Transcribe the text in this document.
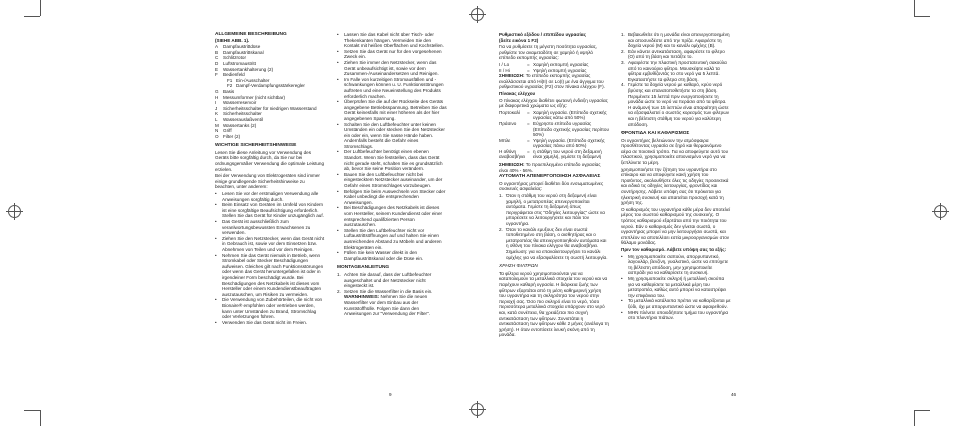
ALLGEMEINE BESCHREIBUNG
(SIEHE ABB. 1).
A	Dampfaustrittdüse
B	Dampfaustrittskanal
C	Schlitzrotor
D	Luftstromaustritt
E	Wassertankhalterung (2)
F	Bedienfeld
F1 Ein-/Ausschalter
F2 Dampf-Verdampfungsstärkeregler
G Basis
H	Messumformer (nicht sichtbar)
I	Wasserreservoir
J	Sicherheitsschalter für niedrigen Wasserstand
K	Sicherheitsschalter
L	Wasserauslaßventil
M Wassertanks (2)
N	Griff
O Filter (2)
WICHTIGE SICHERHEITSHINWEISE

Lesen Sie diese Anleitung vor Verwendung des Geräts bitte sorgfältig durch, da Sie nur bei ordnungsgemäßer Verwendung die optimale Leistung erzielen.

Bei der Verwendung von Elektrogeräten sind immer einige grundlegende Sicherheitshinweise zu beachten, unter anderem:

•	Lesen Sie vor der erstmaligen Verwendung alle Anweisungen sorgfältig durch.
•	Beim Einsatz von Geräten im Umfeld von Kindern ist eine sorgfältige Beaufsichtigung erforderlich. Stellen Sie das Gerät für Kinder unzugänglich auf.
•	Das Gerät ist ausschließlich zum veranlwortungsbewussten Erwachsenen zu verwenden.
•	Ziehen Sie den Netzstecker, wenn das Gerät nicht in Gebrauch ist, sowie vor dem Einsetzen bzw. Abnehmen von Teilen und vor dem Reinigen.
•	Nehmen Sie das Gerät niemals in Betrieb, wenn Stromkabel oder Stecker Beschädigungen aufweisen. Gleiches gilt nach Funktionsstörungen oder wenn das Gerät heruntergefallen ist oder in irgendeiner Form beschädigt wurde. Bei Beschädigungen des Netzkabels ist dieses vom Hersteller oder einem Kundendienstbeauftragten auszutauschen, um Risiken zu vermeiden.
•	Die Verwendung von Zubehörteilen, die nicht von Bionaire® empfohlen oder vertrieben werden, kann unter Umständen zu Brand, Stromschlag oder Verletzungen führen.
•	Verwenden Sie das Gerät nicht im Freien.
•	Lassen Sie das Kabel nicht über Tisch- oder Thekenkanten hängen. Vermeiden Sie den Kontakt mit heißen Oberflächen und Kochstellen.
•	Setzen Sie das Gerät nur für den vorgesehenen Zweck ein.
•	Ziehen Sie immer den Netzstecker, wenn das Gerät unbeaufsichtigt ist, sowie vor dem Zusammen-/Auseinandersetzen und Reinigen.
•	Im Falle von kurzeitigen Stromausfällen und -schwankungen können u. U. Funktionsstörungen auftreten und eine Neueinstellung des Produkts erforderlich machen.
•	Überprüfen Sie die auf der Rückseite des Geräts angegebene Betriebsspannung. Betreiben Sie das Gerät keinesfalls mit einer höheren als der hier angegebenen Spannung.
•	Schalten Sie den Luftbefeuchter unter keinen Umständen ein oder stecken Sie den Netzstecker ein oder ein, wenn Sie nasse Hände haben. Andernfalls besteht die Gefahr eines Stromschlags.
•	Der Luftbefeuchter benötigt einen ebenen Standort. Wenn Sie feststellen, dass das Gerät nicht gerade steht, schalten Sie es grundsätzlich ab, bevor Sie seine Position verändern.
•	Bauen Sie den Luftbefeuchter nicht bei eingestecktem Netzstecker auseinander, um der Gefahr eines Stromschlages vorzubeugen.
•	Befolgen Sie beim Auswechseln von Stecker oder Kabel unbedingt die entsprechenden Anweisungen.
•	Bei Beschädigungen des Netzkabels ist dieses vom Hersteller, seinem Kundendienst oder einer entsprechend qualifizierten Person auszutauschen.
•	Stellen Sie den Luftbefeuchter nicht vor Luftaustrittsöffnungen auf und halten Sie einen ausreichenden Abstand zu Möbeln und anderen Elektrogeräten ein.
•	Füllen Sie kein Wasser direkt in den Dampfaustrittskanal oder die Düse ein.
MONTAGEANLEITUNG
1. Achten Sie darauf, dass der Luftbefeuchter ausgeschaltet und der Netzstecker nicht eingesteckt ist.
2. Setzen Sie die Wasserfilter in die Basis ein.

WARNHINWEIS: Nehmen Sie die neuen Wasserfilter vor dem Einbau aus der Kunststoffhülle. Folgen Sie dann den Anweisungen zur "Verwendung der Filter".

9
Ρυθμιστικό εξόδου / επιπέδου υγρασίας
(δείτε εικόνα 1 F2)

Για να ρυθμίσετε τη μέγιστη ποσότητα υγρασίας, ρυθμίστε τον αναμεταδότη σε χαμηλό ή υψηλό επίπεδο εκπομπής υγρασίας:

I / Lo	= Χαμηλή εκπομπή υγρασίας
II / Hi	= Υψηλή εκπομπή υγρασίας

ΣΗΜΕΙΩΣΗ: Το επίπεδο εκπομπής υγρασίας εναλλάσσεται από Hi(II) σε Lo(I) με ένα άγγιγμα του ρυθμιστικού υγρασίας (F2) στον πίνακα ελέγχου (F).

Πίνακας ελέγχου

Ο πίνακας ελέγχου διαθέτει φωτεινή ένδειξη υγρασίας με διαφορετικά χρώματα ως εξής:

Πορτοκαλί	= Χαμηλή υγρασία. (Επίπεδο σχετικής υγρασίας κάτω από 50%)
Πράσινο	= Εύχρηστο επίπεδο υγρασίας (Επίπεδο σχετικής υγρασίας περίπου 50%)
Μπλε	= Υψηλή υγρασία. (Επίπεδο σχετικής υγρασίας πάνω από 50%)
Η οθόνη αναβοσβήνει
= η στάθμη του νερού στη δεξαμενή είναι χαμηλή, γεμίστε τη δεξαμενή

ΣΗΜΕΙΩΣΗ: Το προεπιλεγμένο επίπεδο υγρασίας είναι 40% - 56%.

ΑΥΤΟΜΑΤΗ ΑΠΕΝΕΡΓΟΠΟΙΗΣΗ ΑΣΦΑΛΕΙΑΣ

Ο υγραντήρας μπορεί διαθέτει δύο ενσωματωμένες συσκευές ασφαλείας:

1. Όταν η στάθμη του νερού στη δεξαμενή είναι χαμηλή, ο μετατροπέας απενεργοποιείται αυτόματα. Γεμίστε τη δεξαμενή όπως περιγράφεται στις "Οδηγίες λειτουργίας" ώστε να μπορέσετε να λειτουργήσετε και πάλι τον υγραντήρα.
2. Όταν το κανάλι εμυξους δεν είναι σωστά τοποθετημένο στη βάση, ο αισθητήρας και ο μετατροπέας θα απενεργοποιηθούν αυτόματα και η οθόνη του πίνακα ελέγχου θα αναβοσβήνει. Σημείωση: για να επαναλειτουργήσει το κανάλι ομίχλης για να εξασφαλίσετε τη σωστή λειτουργία.
ΧΡΗΣΗ ΦΙΛΤΡΩΝ

Τα φίλτρα νερού χρησιμοποιούνται για να καταπολεμούν τα μεταλλικά στοιχεία του νερού και να παρέχουν καθαρή υγρασία. Η διάρκεια ζωής των φίλτρων εξαρτάται από τη μέση καθημερινή χρήση του υγραντήρα και τη σκληρότητα του νερού στην περιοχή σας. Όσο πιο σκληρό είναι το νερό, τόσο περισσότερα μεταλλικά στοιχεία υπάρχουν στο νερό και, κατά συνέπεια, θα χρειάζεται πιο συχνή αντικατάσταση των φίλτρων. Συνιστάται η αντικατάσταση των φίλτρων κάθε 2 μήνες (ανάλογα τη χρήση). Η όταν εντοπίσετε λευκή σκόνη από τη μονάδα.

1. Βεβαιωθείτε ότι η μονάδα είναι απενεργοποιημένη και αποσυνδέστε από την πρίζα. Αφαιρέστε τη δοχεία νερού (M) και το κανάλι ομίχλης (B).
2. Εάν κάνετε αντικατάσταση, αφαιρέστε το φίλτρο (O) από τη βάση και πετάξτε το.
3. Αφαιρέστε την πλαστική προστατευτική σακούλα από το καινούριο φίλτρο. Μουσκέψτε καλά τα φίλτρα εμβυθίζοντάς το στο νερό για 5 λεπτά. Εγκαταστήστε τα φίλτρα στη βάση.
4. Γεμίστε τα δοχεία νερού με καθαρό, κρύο νερό βρύσης και επανατοποθετήστε τα στη βάση. Περιμένετε 15 λεπτά πριν ενεργοποιήσετε τη μονάδα ώστε το νερό να περάσει από τα φίλτρα. Η ανάμονή των 15 λεπτών είναι απαραίτητη ώστε να εξασφαλιστεί ο σωστός κορεσμός των φίλτρων και η βέλτιστη στάθμη του νερού για καλύτερη απόδοση.
ΦΡΟΝΤΙΔΑ ΚΑΙ ΚΑΘΑΡΙΣΜΟΣ

Οι υγραντήρες βελτιώνουν την ατμόσφαιρα προσθέτοντας υγρασία σε ξηρό και θερμαινόμενο αέρα σε ποιοτικό τρόπο. Για να αποφεύγετε αυτό του πλαστικού, χρησιμοποιείτε απιονισμένο νερό για να ξεπλύνετε τα μέρη.

χρησιμοποιήστε την ζήτηση του υγραντήρα στο επίκαιρο και να αποφύγετε κακή χρήση του προϊόντος, ακολουθήστε όλες τις οδηγίες προσεκτικά και ειδικά τις οδηγίες λειτουργίας, φροντίδας και συντήρησης. Λάβετε υπόψη σας ότι πρόκειται για ηλεκτρική συσκευή και απαιτείται προσοχή κατά τη χρήση της.

Ο καθαρισμός του υγραντήρα κάθε μέρα δεν αποτελεί μέρος του σωστού καθαρισμού της συσκευής. Ο τρόπος καθαρισμού εξαρτάται από την ποιότητα του νερού. Εάν ο καθαρισμός δεν γίνεται σωστά, ο υγραντήρας μπορεί να μην λειτουργήσει σωστά, και επιπλέον να αποτελέσει εστία μικροοργανισμών στον θάλαμο μονάδας.

Πριν τον καθαρισμό. Λάβετε υπόψη σας τα εξής:
•	Μη χρησιμοποιείτε σαπούνι, απορρυπαντικό, λαγουλάρ, βενζίνη, γυαλιστικό, ώστε να επιτύχετε τη βέλτιστη απόδοση, μην χρησιμοποιείτε ασπράδι για να καθαρίσετε τη συσκευή.
•	Μη χρησιμοποιείτε σκληρή ή μεταλλική σκούπα για να καθαρίσετε τα μεταλλικά μέρη του μετατροπέα, καθώς αυτό μπορεί να καταστρέψει την επιφάνεια του.
•	Τα μεταλλικά κατάλοιπα πρέπει να καθαρίζονται με ξύδι, όχι με απορρυπαντικό ώστε να αφαιρεθούν.
•	ΜΗΝ πλένετε οποιοδήποτε τμήμα του υγραντήρα στο πλυντήριο πιάτων.
46
